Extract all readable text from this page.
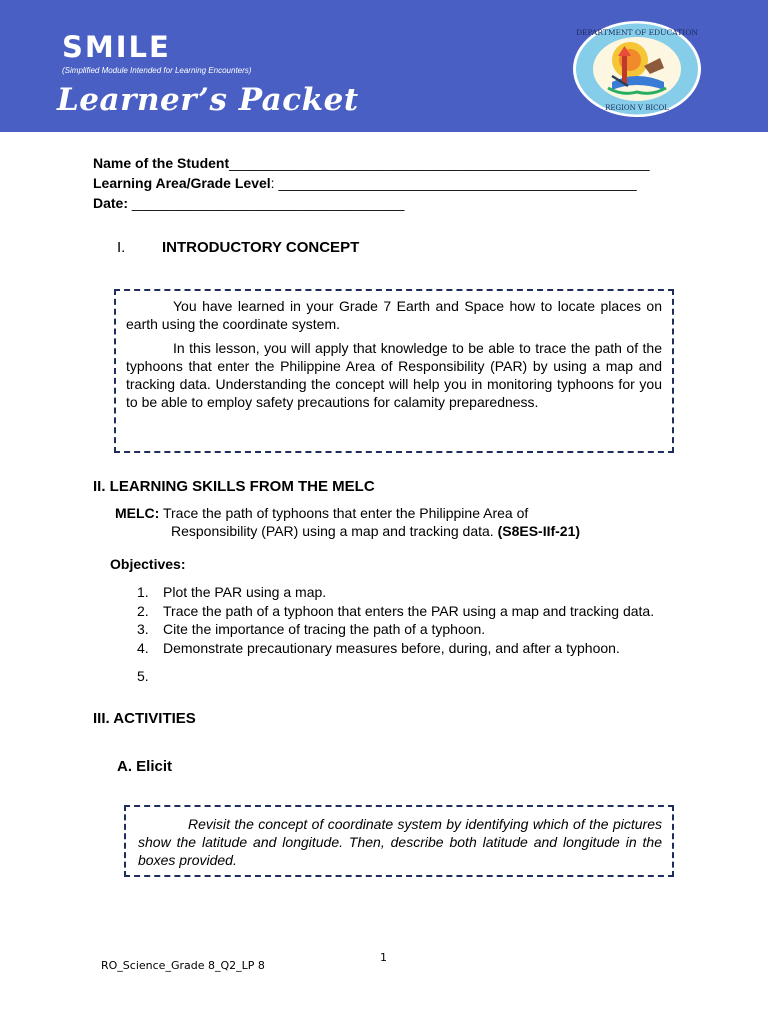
SMILE
(Simplified Module Intended for Learning Encounters)
Learner’s Packet
DEPARTMENT OF EDUCATION
REGION V BICOL
Name of the Student______________________________________________________
Learning Area/Grade Level: ______________________________________________
Date: ___________________________________
I. INTRODUCTORY CONCEPT

You have learned in your Grade 7 Earth and Space how to locate places on earth using the coordinate system.

In this lesson, you will apply that knowledge to be able to trace the path of the typhoons that enter the Philippine Area of Responsibility (PAR) by using a map and tracking data. Understanding the concept will help you in monitoring typhoons for you to be able to employ safety precautions for calamity preparedness.

II. LEARNING SKILLS FROM THE MELC
MELC: Trace the path of typhoons that enter the Philippine Area of
Responsibility (PAR) using a map and tracking data. (S8ES-IIf-21)
Objectives:
1. Plot the PAR using a map.
2. Trace the path of a typhoon that enters the PAR using a map and tracking data.
3. Cite the importance of tracing the path of a typhoon.
4. Demonstrate precautionary measures before, during, and after a typhoon.
5.
III. ACTIVITIES
A. Elicit

Revisit the concept of coordinate system by identifying which of the pictures show the latitude and longitude. Then, describe both latitude and longitude in the boxes provided.

1
RO_Science_Grade 8_Q2_LP 8
